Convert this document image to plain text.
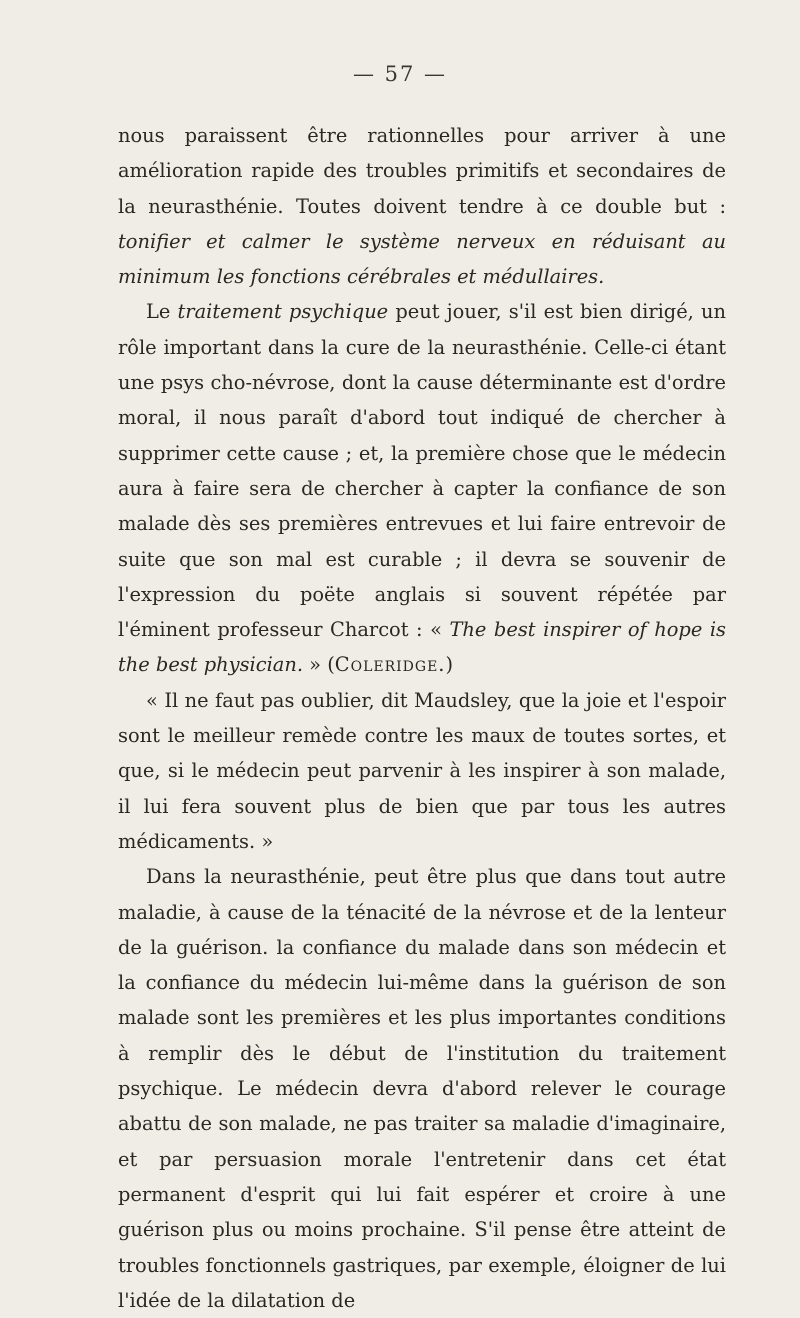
— 57 —

nous paraissent être rationnelles pour arriver à une amélioration rapide des troubles primitifs et secondaires de la neurasthénie. Toutes doivent tendre à ce double but : tonifier et calmer le système nerveux en réduisant au minimum les fonctions cérébrales et médullaires.

Le traitement psychique peut jouer, s'il est bien dirigé, un rôle important dans la cure de la neurasthénie. Celle-ci étant une psys cho-névrose, dont la cause déterminante est d'ordre moral, il nous paraît d'abord tout indiqué de chercher à supprimer cette cause ; et, la première chose que le médecin aura à faire sera de chercher à capter la confiance de son malade dès ses premières entrevues et lui faire entrevoir de suite que son mal est curable ; il devra se souvenir de l'expression du poëte anglais si souvent répétée par l'éminent professeur Charcot : « The best inspirer of hope is the best physician. » (Coleridge.)

« Il ne faut pas oublier, dit Maudsley, que la joie et l'espoir sont le meilleur remède contre les maux de toutes sortes, et que, si le médecin peut parvenir à les inspirer à son malade, il lui fera souvent plus de bien que par tous les autres médicaments. »

Dans la neurasthénie, peut être plus que dans tout autre maladie, à cause de la ténacité de la névrose et de la lenteur de la guérison. la confiance du malade dans son médecin et la confiance du médecin lui-même dans la guérison de son malade sont les premières et les plus importantes conditions à remplir dès le début de l'institution du traitement psychique. Le médecin devra d'abord relever le courage abattu de son malade, ne pas traiter sa maladie d'imaginaire, et par persuasion morale l'entretenir dans cet état permanent d'esprit qui lui fait espérer et croire à une guérison plus ou moins prochaine. S'il pense être atteint de troubles fonctionnels gastriques, par exemple, éloigner de lui l'idée de la dilatation de
